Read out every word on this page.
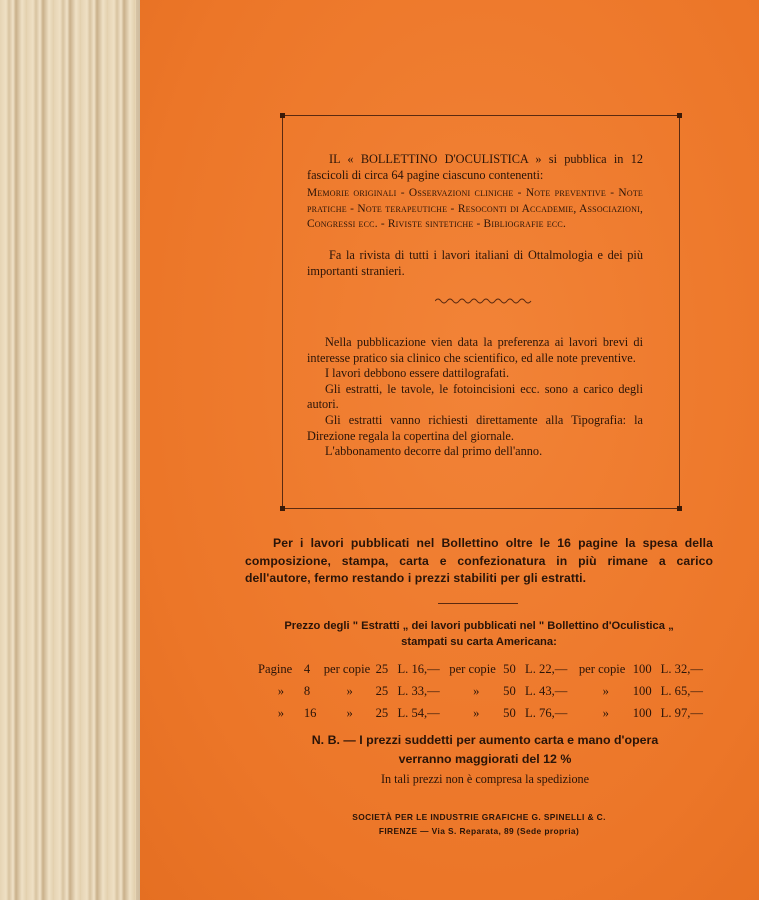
IL « BOLLETTINO D'OCULISTICA » si pubblica in 12 fascicoli di circa 64 pagine ciascuno contenenti:
Memorie originali - Osservazioni cliniche - Note preventive - Note pratiche - Note terapeutiche - Resoconti di Accademie, Associazioni, Congressi ecc. - Riviste sintetiche - Bibliografie ecc.
Fa la rivista di tutti i lavori italiani di Ottalmologia e dei più importanti stranieri.

Nella pubblicazione vien data la preferenza ai lavori brevi di interesse pratico sia clinico che scientifico, ed alle note preventive.

I lavori debbono essere dattilografati.

Gli estratti, le tavole, le fotoincisioni ecc. sono a carico degli autori.

Gli estratti vanno richiesti direttamente alla Tipografia: la Direzione regala la copertina del giornale.

L'abbonamento decorre dal primo dell'anno.

Per i lavori pubblicati nel Bollettino oltre le 16 pagine la spesa della composizione, stampa, carta e confezionatura in più rimane a carico dell'autore, fermo restando i prezzi stabiliti per gli estratti.
Prezzo degli " Estratti „ dei lavori pubblicati nel " Bollettino d'Oculistica „
stampati su carta Americana:
Pagine	4	per copie	25	L. 16,—	per copie	50	L. 22,—	per copie	100	L. 32,—
»	8	»	25	L. 33,—	»	50	L. 43,—	»	100	L. 65,—
»	16	»	25	L. 54,—	»	50	L. 76,—	»	100	L. 97,—
N. B. — I prezzi suddetti per aumento carta e mano d'opera
verranno maggiorati del 12 %
In tali prezzi non è compresa la spedizione
SOCIETÀ PER LE INDUSTRIE GRAFICHE G. SPINELLI & C.
FIRENZE — Via S. Reparata, 89 (Sede propria)
